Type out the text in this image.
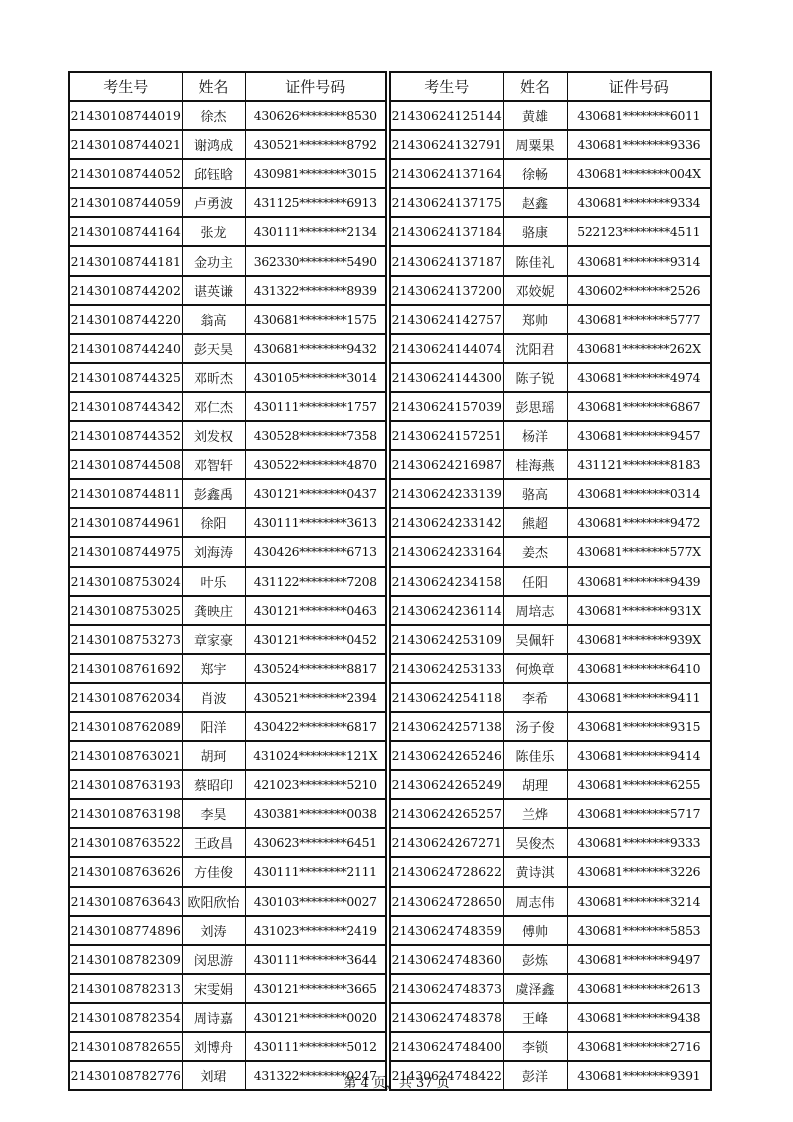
考生号	姓名	证件号码
21430108744019	徐杰	430626********8530
21430108744021	谢鸿成	430521********8792
21430108744052	邱钰晗	430981********3015
21430108744059	卢勇波	431125********6913
21430108744164	张龙	430111********2134
21430108744181	金功主	362330********5490
21430108744202	谌英谦	431322********8939
21430108744220	翁高	430681********1575
21430108744240	彭天昊	430681********9432
21430108744325	邓昕杰	430105********3014
21430108744342	邓仁杰	430111********1757
21430108744352	刘发权	430528********7358
21430108744508	邓智轩	430522********4870
21430108744811	彭鑫禹	430121********0437
21430108744961	徐阳	430111********3613
21430108744975	刘海涛	430426********6713
21430108753024	叶乐	431122********7208
21430108753025	龚映庄	430121********0463
21430108753273	章家豪	430121********0452
21430108761692	郑宇	430524********8817
21430108762034	肖波	430521********2394
21430108762089	阳洋	430422********6817
21430108763021	胡珂	431024********121X
21430108763193	蔡昭印	421023********5210
21430108763198	李昊	430381********0038
21430108763522	王政昌	430623********6451
21430108763626	方佳俊	430111********2111
21430108763643	欧阳欣怡	430103********0027
21430108774896	刘涛	431023********2419
21430108782309	闵思游	430111********3644
21430108782313	宋雯娟	430121********3665
21430108782354	周诗嘉	430121********0020
21430108782655	刘博舟	430111********5012
21430108782776	刘珺	431322********0247
考生号	姓名	证件号码
21430624125144	黄雄	430681********6011
21430624132791	周粟果	430681********9336
21430624137164	徐畅	430681********004X
21430624137175	赵鑫	430681********9334
21430624137184	骆康	522123********4511
21430624137187	陈佳礼	430681********9314
21430624137200	邓姣妮	430602********2526
21430624142757	郑帅	430681********5777
21430624144074	沈阳君	430681********262X
21430624144300	陈子锐	430681********4974
21430624157039	彭思瑶	430681********6867
21430624157251	杨洋	430681********9457
21430624216987	桂海燕	431121********8183
21430624233139	骆高	430681********0314
21430624233142	熊超	430681********9472
21430624233164	姜杰	430681********577X
21430624234158	任阳	430681********9439
21430624236114	周培志	430681********931X
21430624253109	吴佩轩	430681********939X
21430624253133	何焕章	430681********6410
21430624254118	李希	430681********9411
21430624257138	汤子俊	430681********9315
21430624265246	陈佳乐	430681********9414
21430624265249	胡理	430681********6255
21430624265257	兰烨	430681********5717
21430624267271	吴俊杰	430681********9333
21430624728622	黄诗淇	430681********3226
21430624728650	周志伟	430681********3214
21430624748359	傅帅	430681********5853
21430624748360	彭炼	430681********9497
21430624748373	虞泽鑫	430681********2613
21430624748378	王峰	430681********9438
21430624748400	李锁	430681********2716
21430624748422	彭洋	430681********9391
第 4 页，共 37 页
